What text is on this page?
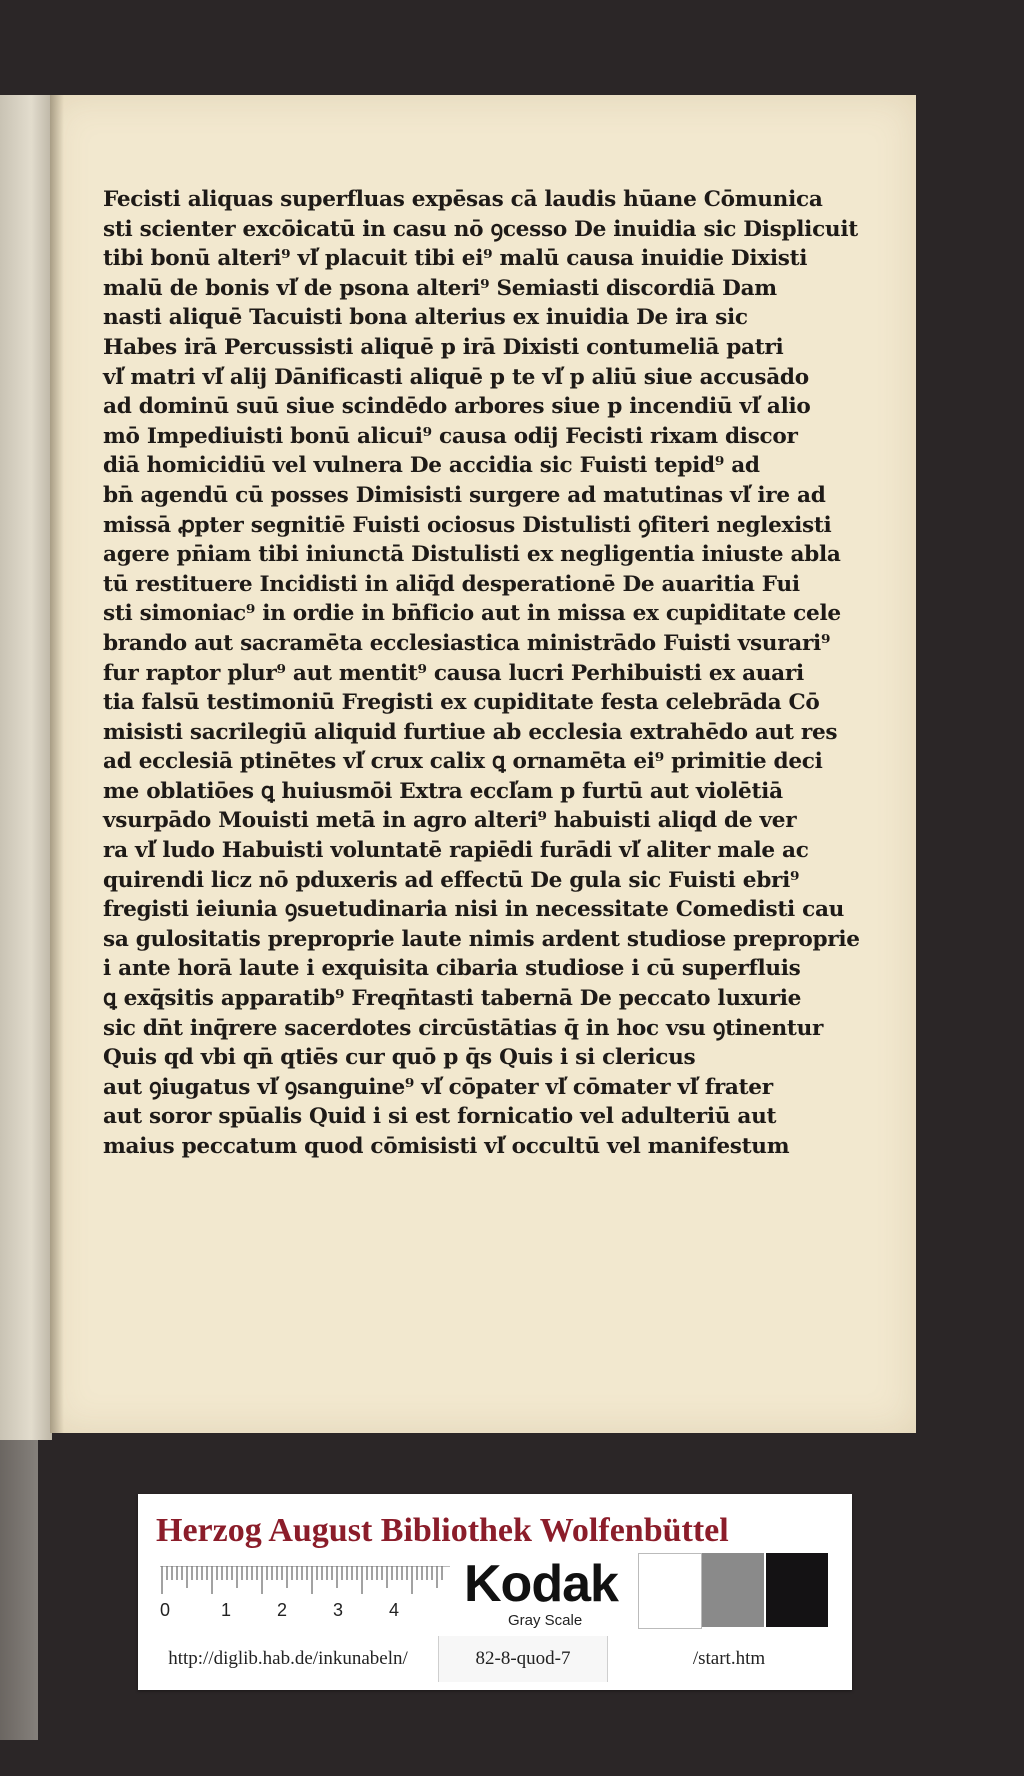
Fecisti aliquas superfluas expēsas cā laudis hūane Cōmunica
sti scienter excōicatū in casu nō ꝯcesso De inuidia sic Displicuit
tibi bonū alteri⁹ vl̕ placuit tibi ei⁹ malū causa inuidie Dixisti
malū de bonis vl̕ de psona alteri⁹ Semiasti discordiā Dam
nasti aliquē Tacuisti bona alterius ex inuidia De ira sic
Habes irā Percussisti aliquē p irā Dixisti contumeliā patri
vl̕ matri vl̕ alij Dānificasti aliquē p te vl̕ p aliū siue accusādo
ad dominū suū siue scindēdo arbores siue p incendiū vl̕ alio
mō Impediuisti bonū alicui⁹ causa odij Fecisti rixam discor
diā homicidiū vel vulnera De accidia sic Fuisti tepid⁹ ad
bn̄ agendū cū posses Dimisisti surgere ad matutinas vl̕ ire ad
missā ꝓpter segnitiē Fuisti ociosus Distulisti ꝯfiteri neglexisti
agere pn̄iam tibi iniunctā Distulisti ex negligentia iniuste abla
tū restituere Incidisti in aliq̄d desperationē De auaritia Fui
sti simoniac⁹ in ordie in bn̄ficio aut in missa ex cupiditate cele
brando aut sacramēta ecclesiastica ministrādo Fuisti vsurari⁹
fur raptor plur⁹ aut mentit⁹ causa lucri Perhibuisti ex auari
tia falsū testimoniū Fregisti ex cupiditate festa celebrāda Cō
misisti sacrilegiū aliquid furtiue ab ecclesia extrahēdo aut res
ad ecclesiā ptinētes vl̕ crux calix ꝗ ornamēta ei⁹ primitie deci
me oblatiōes ꝗ huiusmōi Extra eccl̕am p furtū aut violētiā
vsurpādo Mouisti metā in agro alteri⁹ habuisti aliqd de ver
ra vl̕ ludo Habuisti voluntatē rapiēdi furādi vl̕ aliter male ac
quirendi licz nō pduxeris ad effectū De gula sic Fuisti ebri⁹
fregisti ieiunia ꝯsuetudinaria nisi in necessitate Comedisti cau
sa gulositatis preproprie laute nimis ardent studiose preproprie
i ante horā laute i exquisita cibaria studiose i cū superfluis
ꝗ exq̄sitis apparatib⁹ Freqn̄tasti tabernā De peccato luxurie
sic dn̄t inq̄rere sacerdotes circūstātias q̄ in hoc vsu ꝯtinentur
Quis qd vbi qn̄ qtiēs cur quō p q̄s Quis i si clericus
aut ꝯiugatus vl̕ ꝯsanguine⁹ vl̕ cōpater vl̕ cōmater vl̕ frater
aut soror spūalis Quid i si est fornicatio vel adulteriū aut
maius peccatum quod cōmisisti vl̕ occultū vel manifestum
Herzog August Bibliothek Wolfenbüttel
0	1	2	3	4 Kodak
Gray Scale
http://diglib.hab.de/inkunabeln/	82-8-quod-7	/start.htm
